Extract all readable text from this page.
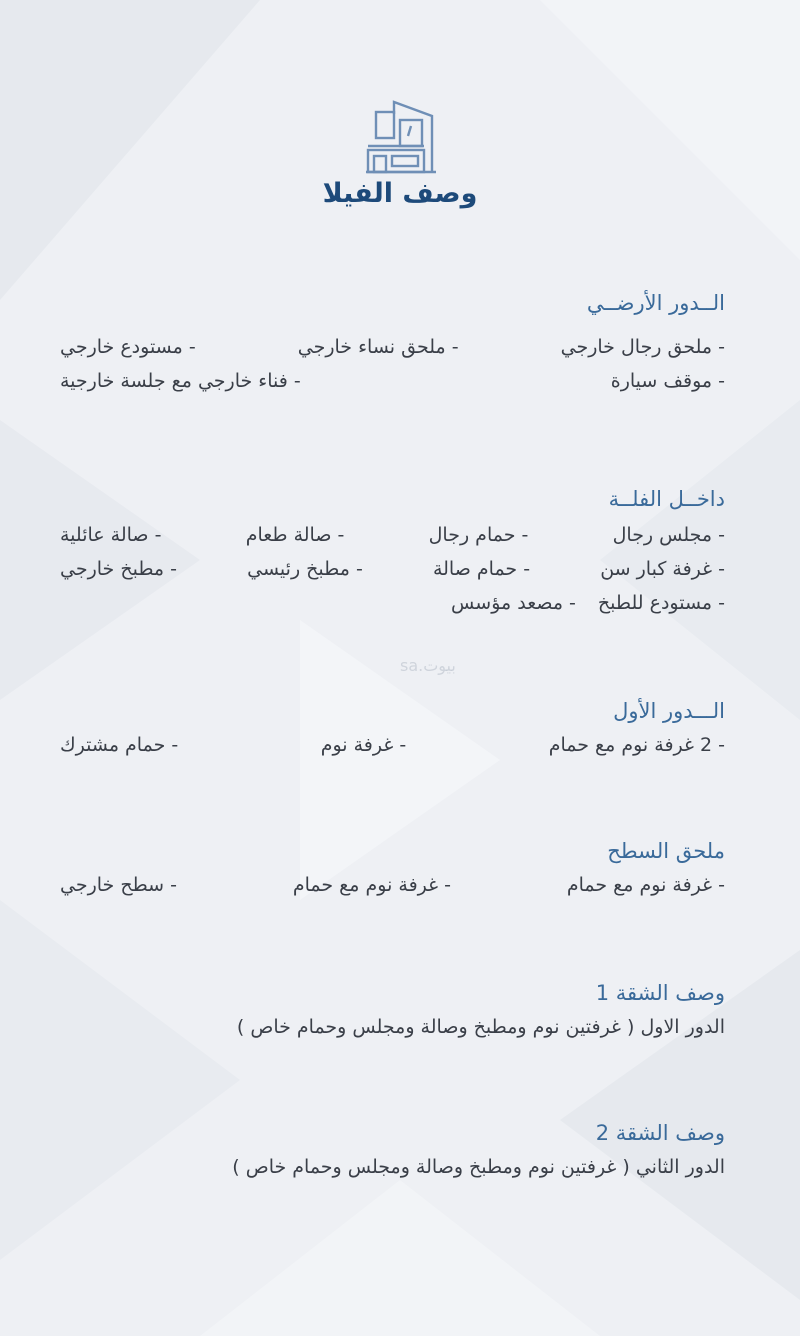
وصف الفيلا
الــدور الأرضــي
- ملحق رجال خارجي
- ملحق نساء خارجي
- مستودع خارجي
- موقف سيارة
- فناء خارجي مع جلسة خارجية
داخــل الفلــة
- مجلس رجال
- حمام رجال
- صالة طعام
- صالة عائلية
- غرفة كبار سن
- حمام صالة
- مطبخ رئيسي
- مطبخ خارجي
- مستودع للطبخ
- مصعد مؤسس
بيوت.sa
الـــدور الأول
- 2 غرفة نوم مع حمام
- غرفة نوم
- حمام مشترك
ملحق السطح
- غرفة نوم مع حمام
- غرفة نوم مع حمام
- سطح خارجي
وصف الشقة 1
الدور الاول ( غرفتين نوم ومطبخ وصالة ومجلس وحمام خاص )
وصف الشقة 2
الدور الثاني ( غرفتين نوم ومطبخ وصالة ومجلس وحمام خاص )
